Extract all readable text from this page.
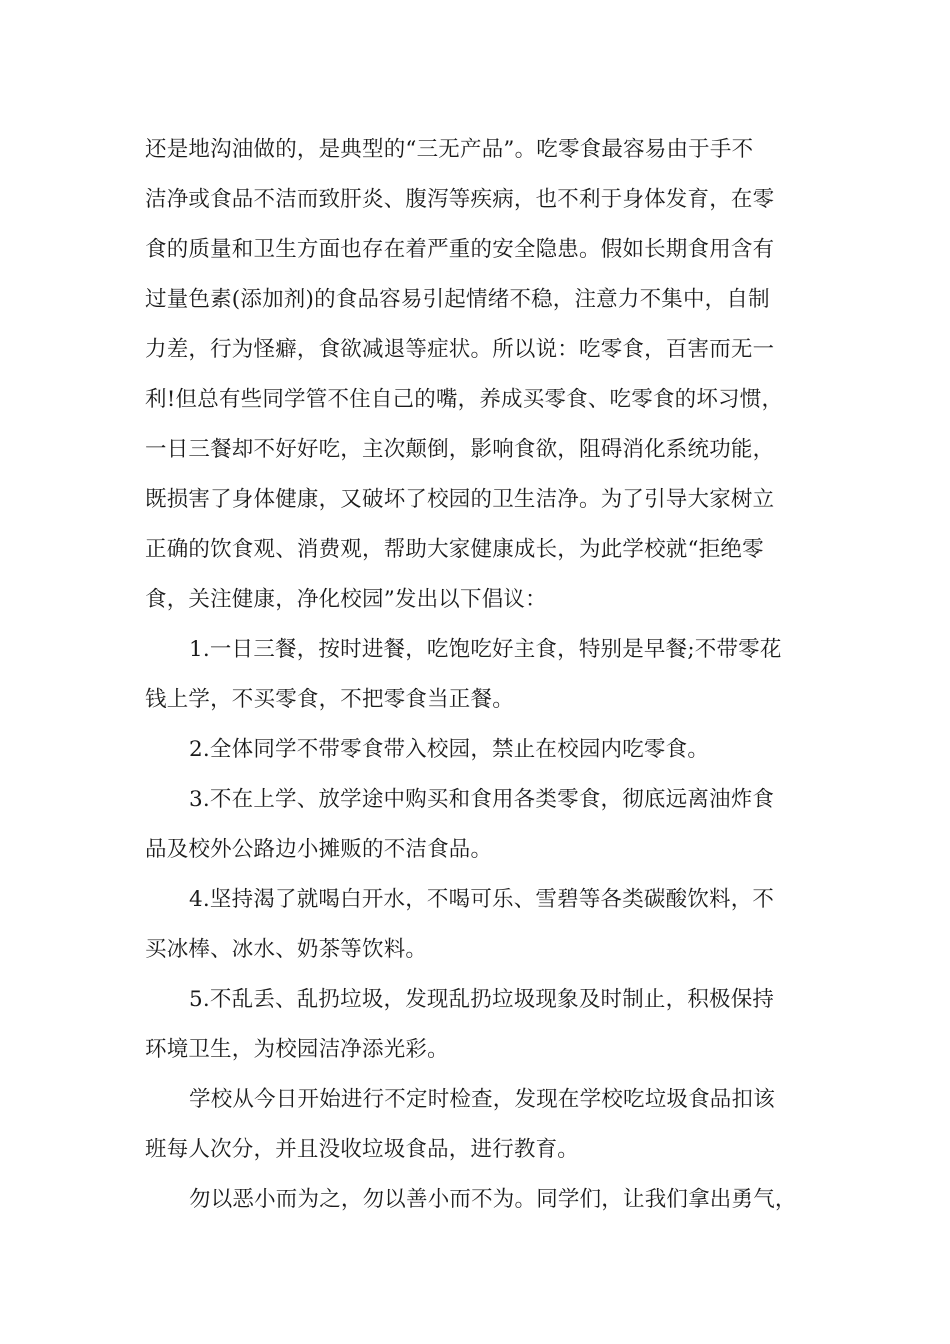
还是地沟油做的，是典型的“三无产品”。吃零食最容易由于手不

洁净或食品不洁而致肝炎、腹泻等疾病，也不利于身体发育，在零

食的质量和卫生方面也存在着严重的安全隐患。假如长期食用含有

过量色素(添加剂)的食品容易引起情绪不稳，注意力不集中，自制

力差，行为怪癖，食欲减退等症状。所以说：吃零食，百害而无一

利!但总有些同学管不住自己的嘴，养成买零食、吃零食的坏习惯，

一日三餐却不好好吃，主次颠倒，影响食欲，阻碍消化系统功能，

既损害了身体健康，又破坏了校园的卫生洁净。为了引导大家树立

正确的饮食观、消费观，帮助大家健康成长，为此学校就“拒绝零

食，关注健康，净化校园”发出以下倡议：

1.一日三餐，按时进餐，吃饱吃好主食，特别是早餐;不带零花

钱上学，不买零食，不把零食当正餐。

2.全体同学不带零食带入校园，禁止在校园内吃零食。

3.不在上学、放学途中购买和食用各类零食，彻底远离油炸食

品及校外公路边小摊贩的不洁食品。

4.坚持渴了就喝白开水，不喝可乐、雪碧等各类碳酸饮料，不

买冰棒、冰水、奶茶等饮料。

5.不乱丢、乱扔垃圾，发现乱扔垃圾现象及时制止，积极保持

环境卫生，为校园洁净添光彩。

学校从今日开始进行不定时检查，发现在学校吃垃圾食品扣该

班每人次分，并且没收垃圾食品，进行教育。

勿以恶小而为之，勿以善小而不为。同学们，让我们拿出勇气，
